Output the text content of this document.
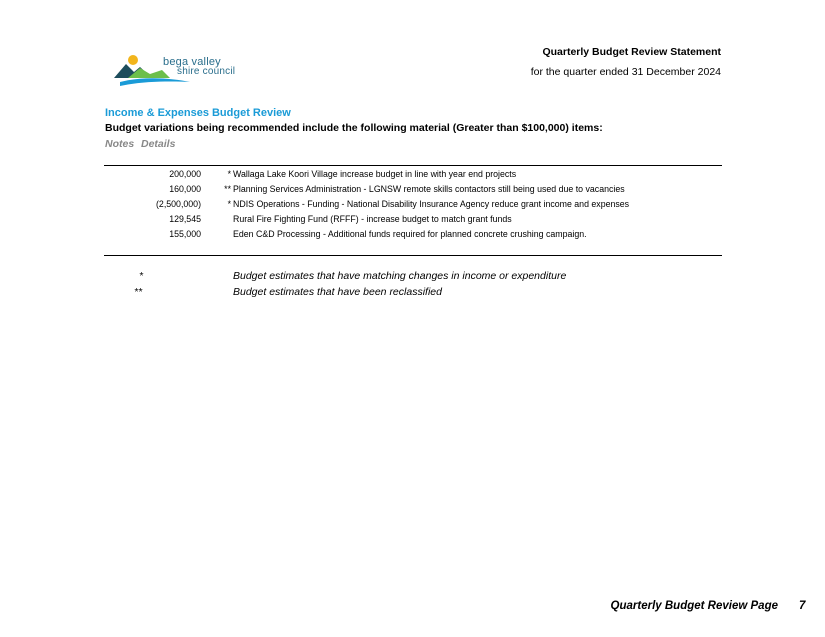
bega valley
shire council
Quarterly Budget Review Statement
for the quarter ended 31 December 2024
Income & Expenses Budget Review
Budget variations being recommended include the following material (Greater than $100,000) items:
Notes Details
200,000	* Wallaga Lake Koori Village increase budget in line with year end projects
160,000	** Planning Services Administration - LGNSW remote skills contactors still being used due to vacancies
(2,500,000)	* NDIS Operations - Funding - National Disability Insurance Agency reduce grant income and expenses
129,545	Rural Fire Fighting Fund (RFFF) - increase budget to match grant funds
155,000	Eden C&D Processing - Additional funds required for planned concrete crushing campaign.
*	Budget estimates that have matching changes in income or expenditure
**	Budget estimates that have been reclassified
Quarterly Budget Review Page 7
